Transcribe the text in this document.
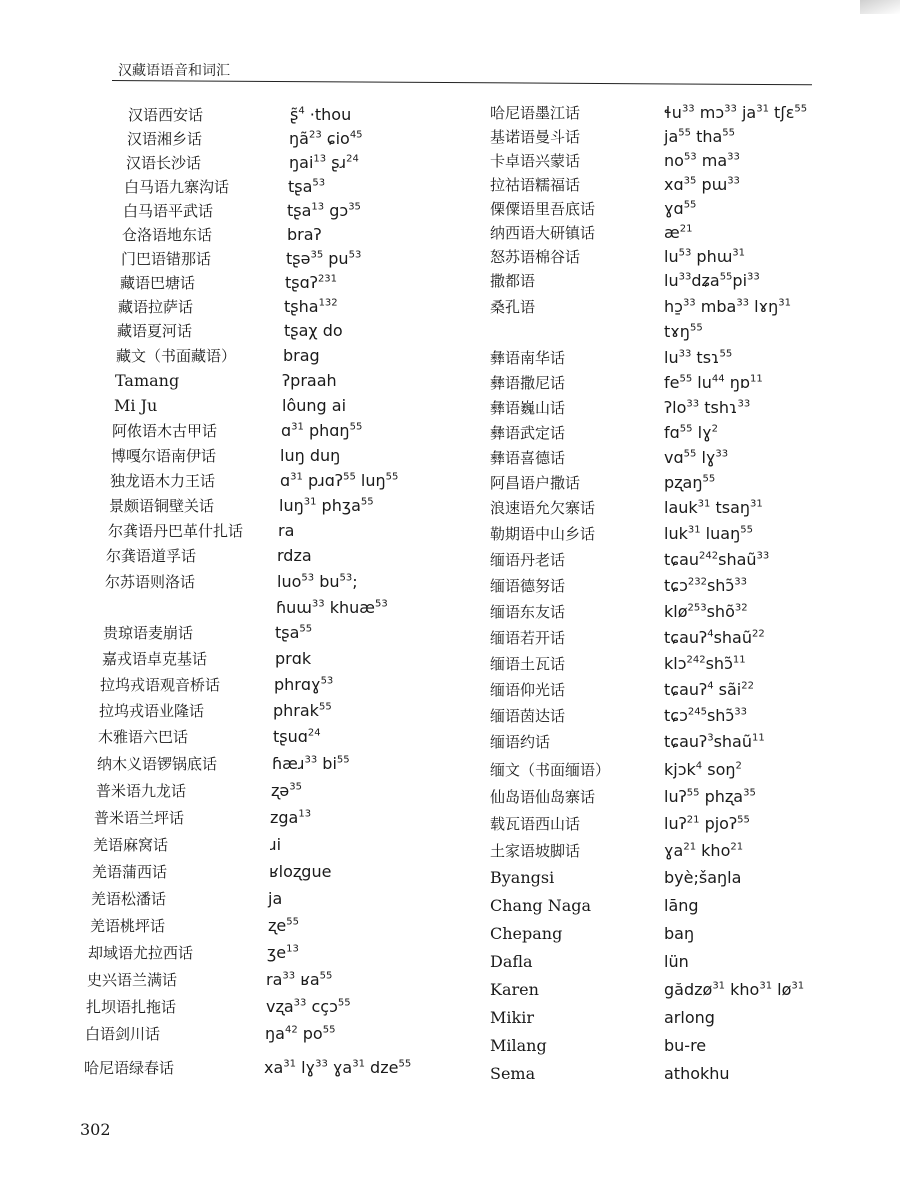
汉藏语语音和词汇
汉语西安话	ʂ̃$^4$ ·thou
汉语湘乡话	$ŋã^{23}$ ɕio$^{45}$
汉语长沙话	ŋai$^{13}$ ʂɹ$^{24}$
白马语九寨沟话	tʂa$^{53}$
白马语平武话	tʂa$^{13}$ gɔ$^{35}$
仓洛语地东话	braʔ
门巴语错那话	tʂə$^{35}$ $pu^{53}$
藏语巴塘话	tʂɑʔ$^{231}$
藏语拉萨话	tʂha$^{132}$
藏语夏河话	tʂaχ do
藏文（书面藏语）	brag
Tamang	ʔpraah
Mi Ju	lôung ai
阿侬语木古甲话	ɑ$^{31}$ phɑŋ$^{55}$
博嘎尔语南伊话	luŋ duŋ
独龙语木力王话	ɑ$^{31}$ pɹɑʔ$^{55}$ luŋ$^{55}$
景颇语铜壁关话	luŋ$^{31}$ phʒa$^{55}$
尔龚语丹巴革什扎话 ra
尔龚语道孚话	rdza
尔苏语则洛话	luo$^{53}$ $bu^{53}$;
ɦuɯ$^{33}$ khuæ$^{53}$
贵琼语麦崩话	tʂa$^{55}$
嘉戎语卓克基话	prɑk
拉坞戎语观音桥话	phrɑɣ$^{53}$
拉坞戎语业隆话	phrak$^{55}$
木雅语六巴话	tʂuɑ$^{24}$
纳木义语锣锅底话	ɦæɹ$^{33}$ $bi^{55}$
普米语九龙话	ʐə$^{35}$
普米语兰坪话	zga$^{13}$
羌语麻窝话	ɹi
羌语蒲西话	ʁloʐgue
羌语松潘话	ja
羌语桃坪话	ʐe$^{55}$
却域语尤拉西话	ʒe$^{13}$
史兴语兰满话	$ra^{33}$ ʁa$^{55}$
扎坝语扎拖话	vʐa$^{33}$ cçɔ$^{55}$
白语剑川话	$ŋa^{42}$ $po^{55}$
哈尼语绿春话	$xa^{31}$ lɣ$^{33}$ ɣa$^{31}$ dze$^{55}$
哈尼语墨江话	ɬu$^{33}$ mɔ$^{33}$ $ja^{31}$ tʃɛ$^{55}$
基诺语曼斗话	$ja^{55}$ tha$^{55}$
卡卓语兴蒙话	$no^{53}$ $ma^{33}$
拉祜语糯福话	xɑ$^{35}$ pɯ$^{33}$
傈僳语里吾底话	ɣɑ$^{55}$
纳西语大研镇话	$æ^{21}$
怒苏语棉谷话	$lu^{53}$ phɯ$^{31}$
撒都语	$lu^{33}dʑa^{55}pi^{33}$
桑孔语	hɔ̱$^{33}$ mba$^{33}$ lɤŋ$^{31}$
tɤŋ$^{55}$
彝语南华话	$lu^{33}$ tsɿ$^{55}$
彝语撒尼话	$fe^{55}$ $lu^{44}$ ŋɒ$^{11}$
彝语巍山话	ʔlo$^{33}$ tshɿ$^{33}$
彝语武定话	fɑ$^{55}$ lɣ$^2$
彝语喜德话	vɑ$^{55}$ lɣ$^{33}$
阿昌语户撒话	pʐaŋ$^{55}$
浪速语允欠寨话	lauk$^{31}$ tsaŋ$^{31}$
勒期语中山乡话	luk$^{31}$ luaŋ$^{55}$
缅语丹老话	tɕau$^{242}$shaũ$^{33}$
缅语德努话	tɕɔ$^{232}$shɔ̃$^{33}$
缅语东友话	klø$^{253}$shõ$^{32}$
缅语若开话	tɕauʔ$^4$shaũ$^{22}$
缅语土瓦话	klɔ$^{242}$shɔ̃$^{11}$
缅语仰光话	tɕauʔ$^4$ sãi$^{22}$
缅语茵达话	tɕɔ$^{245}$shɔ̃$^{33}$
缅语约话	tɕauʔ$^3$shaũ$^{11}$
缅文（书面缅语）	kjɔk$^4$ soŋ$^2$
仙岛语仙岛寨话	luʔ$^{55}$ phʐa$^{35}$
载瓦语西山话	luʔ$^{21}$ pjoʔ$^{55}$
土家语坡脚话	ɣa$^{21}$ kho$^{21}$
Byangsi	byè;šaŋla
Chang Naga	lāng
Chepang	baŋ
Dafla	lün
Karen	gădzø$^{31}$ kho$^{31}$ $lø^{31}$
Mikir	arlong
Milang	bu-re
Sema	athokhu
302
